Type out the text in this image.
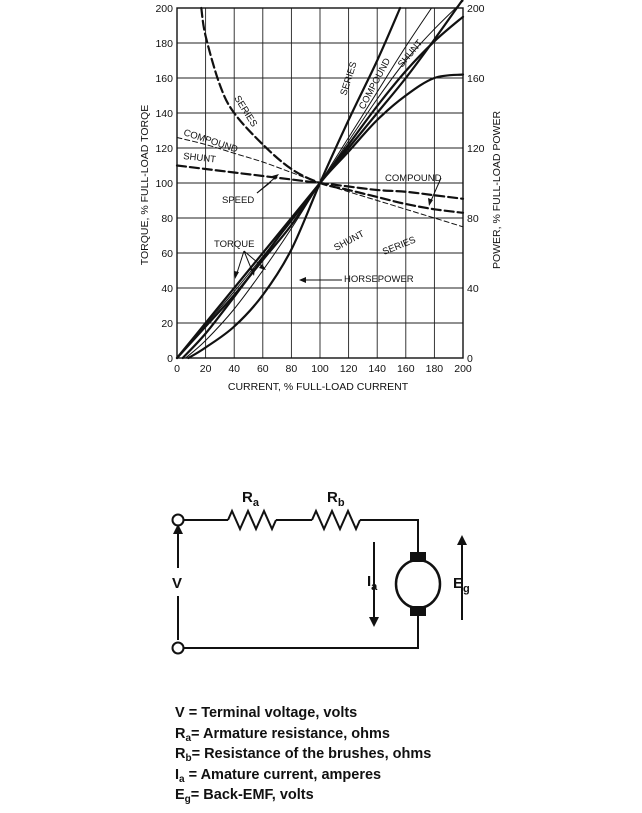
0 20 40 60 80 100 120 140 160 180 200
0
20
40
60
80
100
120
140
160
180
200
0
40
80
120
160
200
CURRENT, % FULL-LOAD CURRENT
TORQUE, % FULL-LOAD TORQE	POWER, % FULL-LOAD POWER
SERIES
COMPOUND
SHUNT
SERIES
COMPOUND
SHUNT
SPEED
TORQUE
COMPOUND
SHUNT SERIES
HORSEPOWER
$R_a$	$R_b$
V	$I_a$	$E_g$
V = Terminal voltage, volts
$R_a=$ Armature resistance, ohms
$R_b=$ Resistance of the brushes, ohms
$I_a$ = Amature current, amperes
$E_g=$ Back-EMF, volts
